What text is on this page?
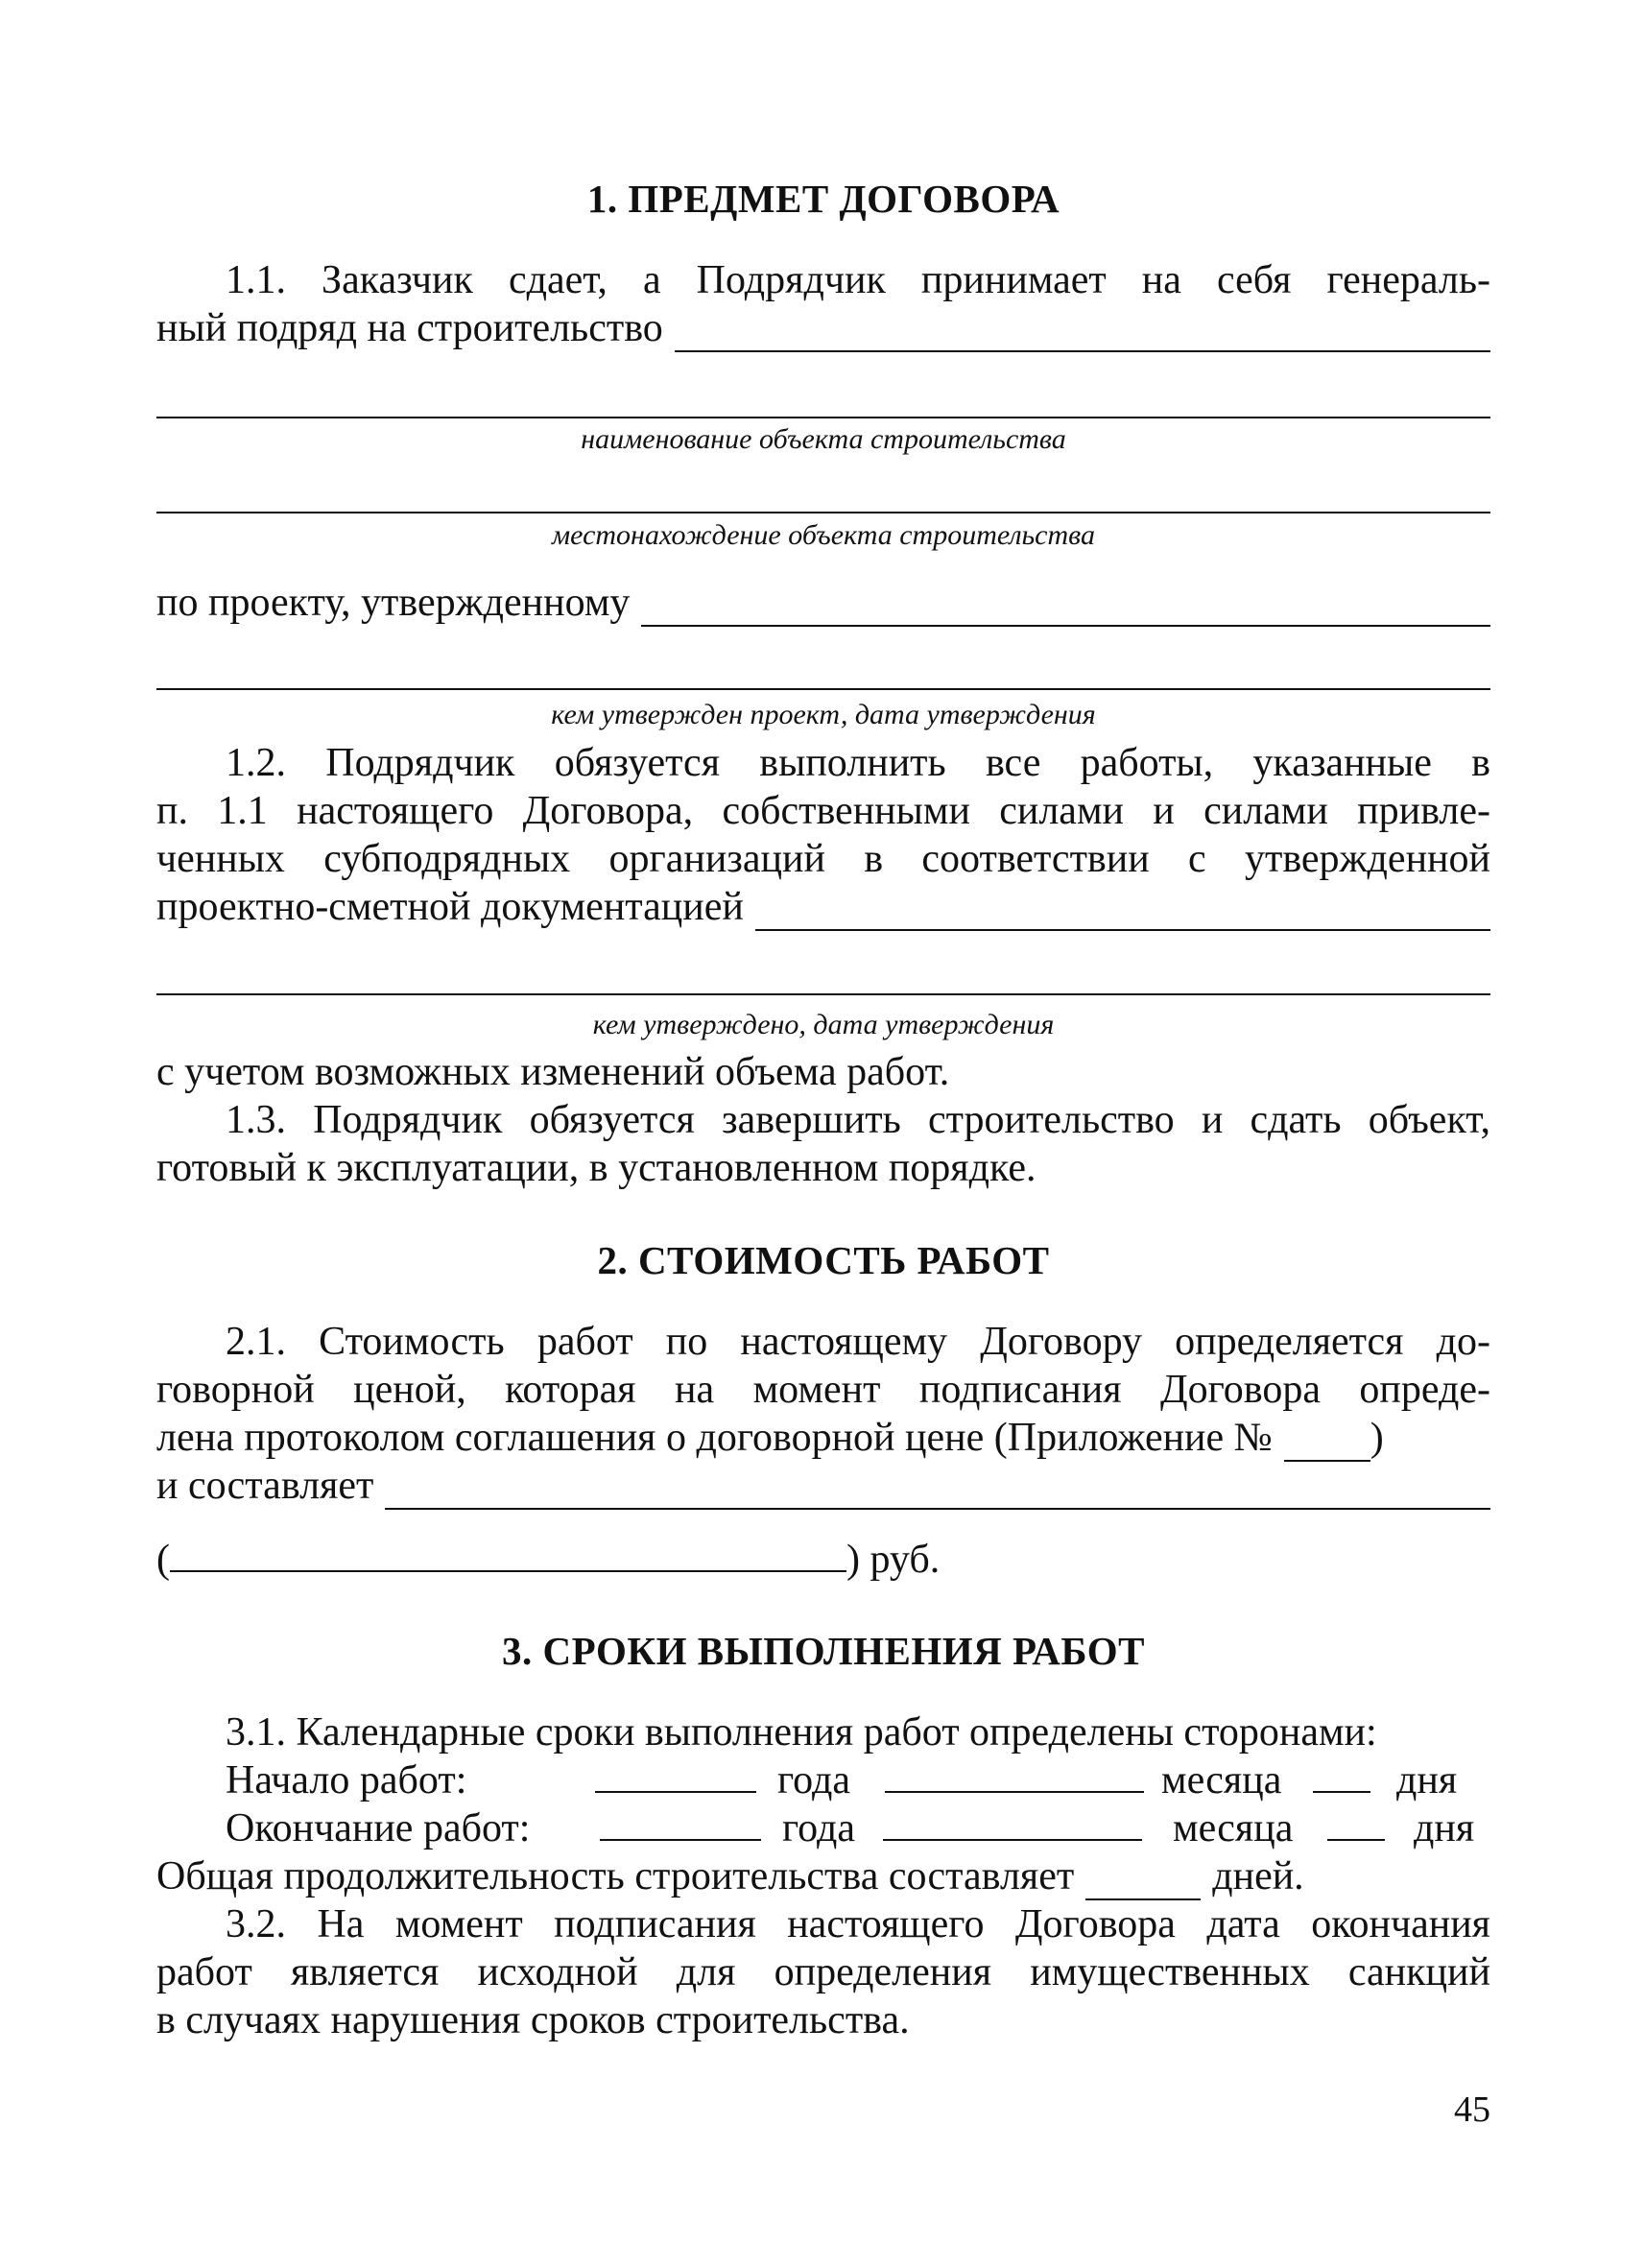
1. ПРЕДМЕТ ДОГОВОРА
1.1. Заказчик сдает, а Подрядчик принимает на себя генераль-
ный подряд на строительство
наименование объекта строительства
местонахождение объекта строительства
по проекту, утвержденному
кем утвержден проект, дата утверждения
1.2. Подрядчик обязуется выполнить все работы, указанные в
п. 1.1 настоящего Договора, собственными силами и силами привле-
ченных субподрядных организаций в соответствии с утвержденной
проектно-сметной документацией
кем утверждено, дата утверждения
с учетом возможных изменений объема работ.
1.3. Подрядчик обязуется завершить строительство и сдать объект,
готовый к эксплуатации, в установленном порядке.
2. СТОИМОСТЬ РАБОТ
2.1. Стоимость работ по настоящему Договору определяется до-
говорной ценой, которая на момент подписания Договора опреде-
лена протоколом соглашения о договорной цене (Приложение № )
и составляет
(	) руб.
3. СРОКИ ВЫПОЛНЕНИЯ РАБОТ
3.1. Календарные сроки выполнения работ определены сторонами:
Начало работ:	года	месяца	дня
Окончание работ:	года	месяца	дня
Общая продолжительность строительства составляет	дней.
3.2. На момент подписания настоящего Договора дата окончания
работ является исходной для определения имущественных санкций
в случаях нарушения сроков строительства.
45
